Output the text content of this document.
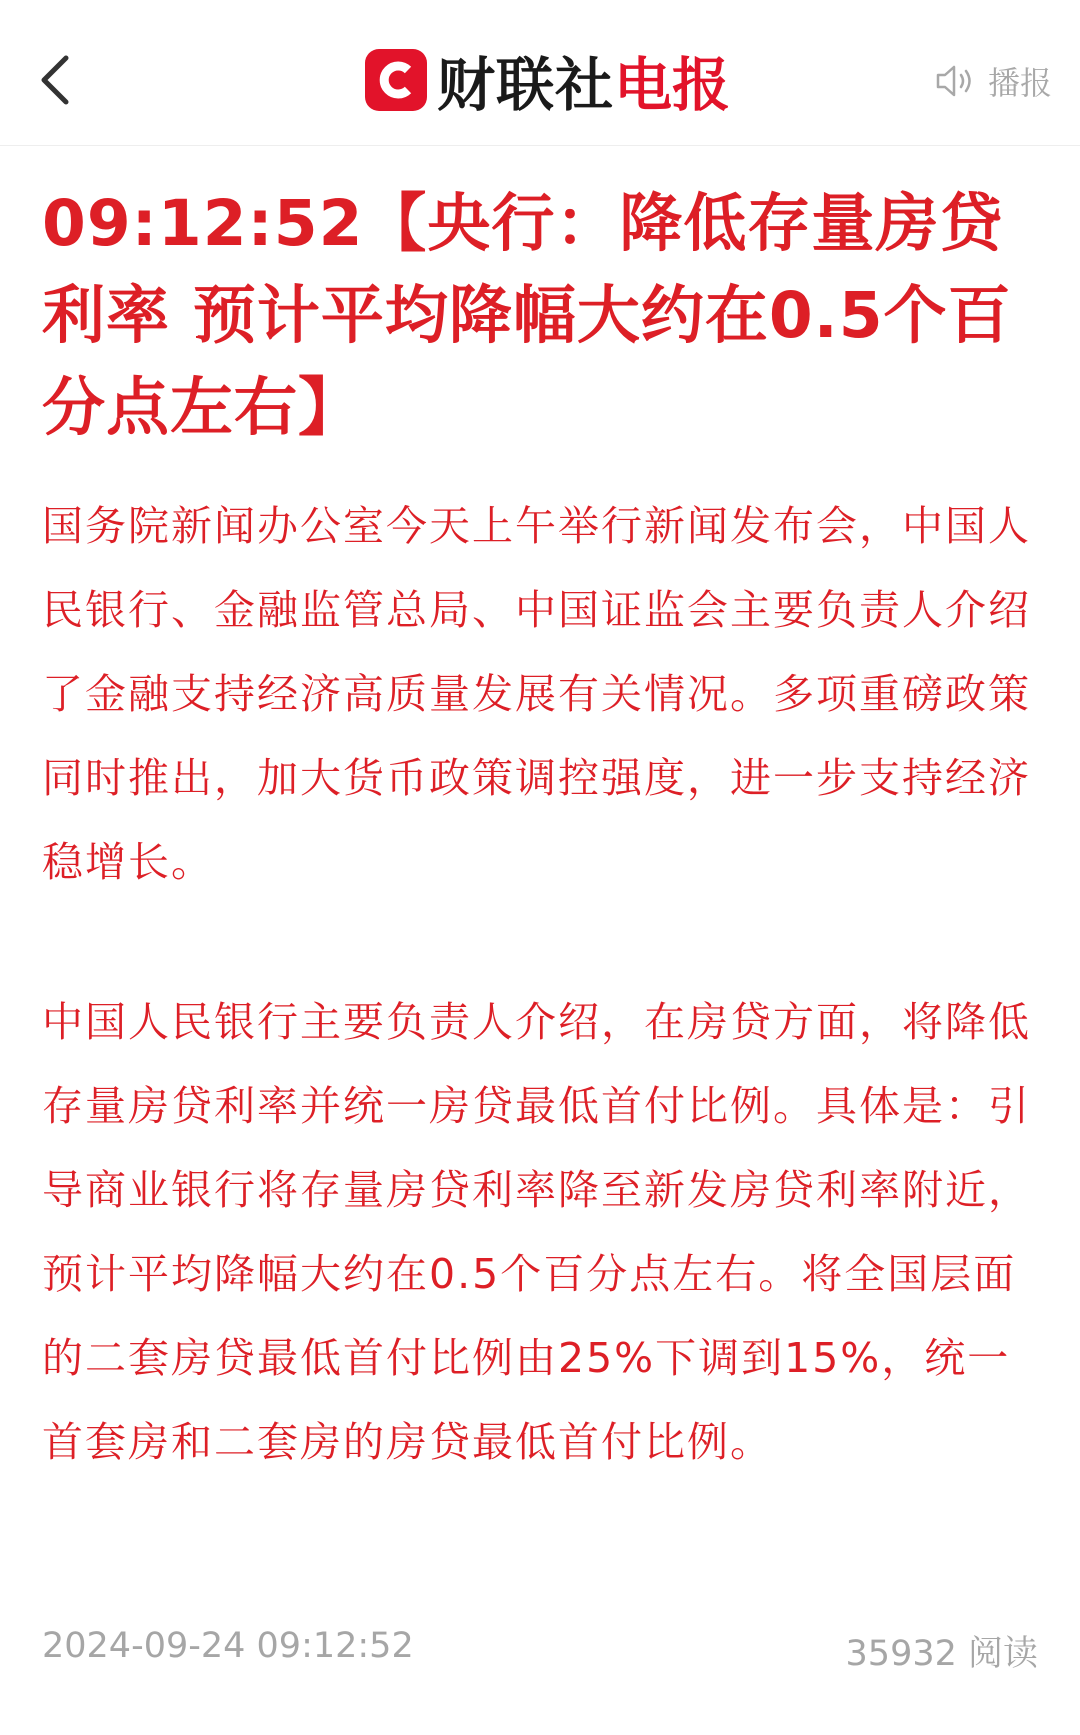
财联社 电报	播报
09:12:52【央行：降低存量房贷利率 预计平均降幅大约在0.5个百分点左右】

国务院新闻办公室今天上午举行新闻发布会，中国人民银行、金融监管总局、中国证监会主要负责人介绍了金融支持经济高质量发展有关情况。多项重磅政策同时推出，加大货币政策调控强度，进一步支持经济稳增长。

中国人民银行主要负责人介绍，在房贷方面，将降低存量房贷利率并统一房贷最低首付比例。具体是：引导商业银行将存量房贷利率降至新发房贷利率附近，预计平均降幅大约在0.5个百分点左右。将全国层面的二套房贷最低首付比例由25%下调到15%，统一首套房和二套房的房贷最低首付比例。

2024-09-24 09:12:52	35932 阅读
